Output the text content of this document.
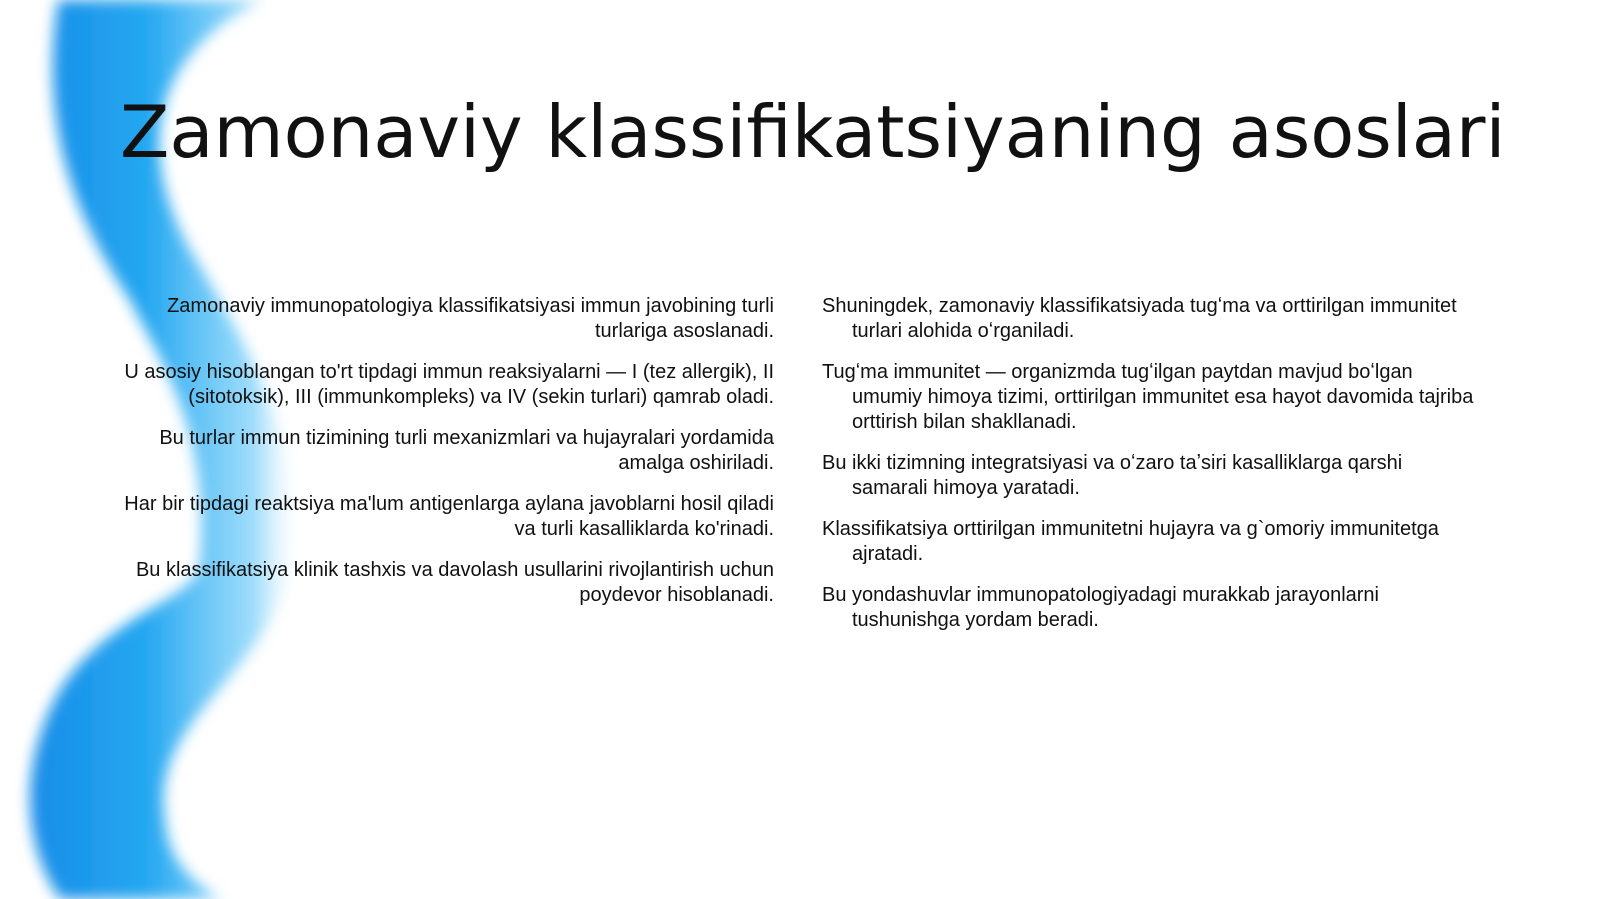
Zamonaviy klassifikatsiyaning asoslari

Zamonaviy immunopatologiya klassifikatsiyasi immun javobining turli turlariga asoslanadi.

U asosiy hisoblangan to'rt tipdagi immun reaksiyalarni — I (tez allergik), II (sitotoksik), III (immunkompleks) va IV (sekin turlari) qamrab oladi.

Bu turlar immun tizimining turli mexanizmlari va hujayralari yordamida amalga oshiriladi.

Har bir tipdagi reaktsiya ma'lum antigenlarga aylana javoblarni hosil qiladi va turli kasalliklarda ko'rinadi.

Bu klassifikatsiya klinik tashxis va davolash usullarini rivojlantirish uchun poydevor hisoblanadi.

Shuningdek, zamonaviy klassifikatsiyada tugʻma va orttirilgan immunitet turlari alohida oʻrganiladi.

Tugʻma immunitet — organizmda tugʻilgan paytdan mavjud boʻlgan umumiy himoya tizimi, orttirilgan immunitet esa hayot davomida tajriba orttirish bilan shakllanadi.

Bu ikki tizimning integratsiyasi va oʻzaro taʼsiri kasalliklarga qarshi samarali himoya yaratadi.

Klassifikatsiya orttirilgan immunitetni hujayra va g`omoriy immunitetga ajratadi.

Bu yondashuvlar immunopatologiyadagi murakkab jarayonlarni tushunishga yordam beradi.
